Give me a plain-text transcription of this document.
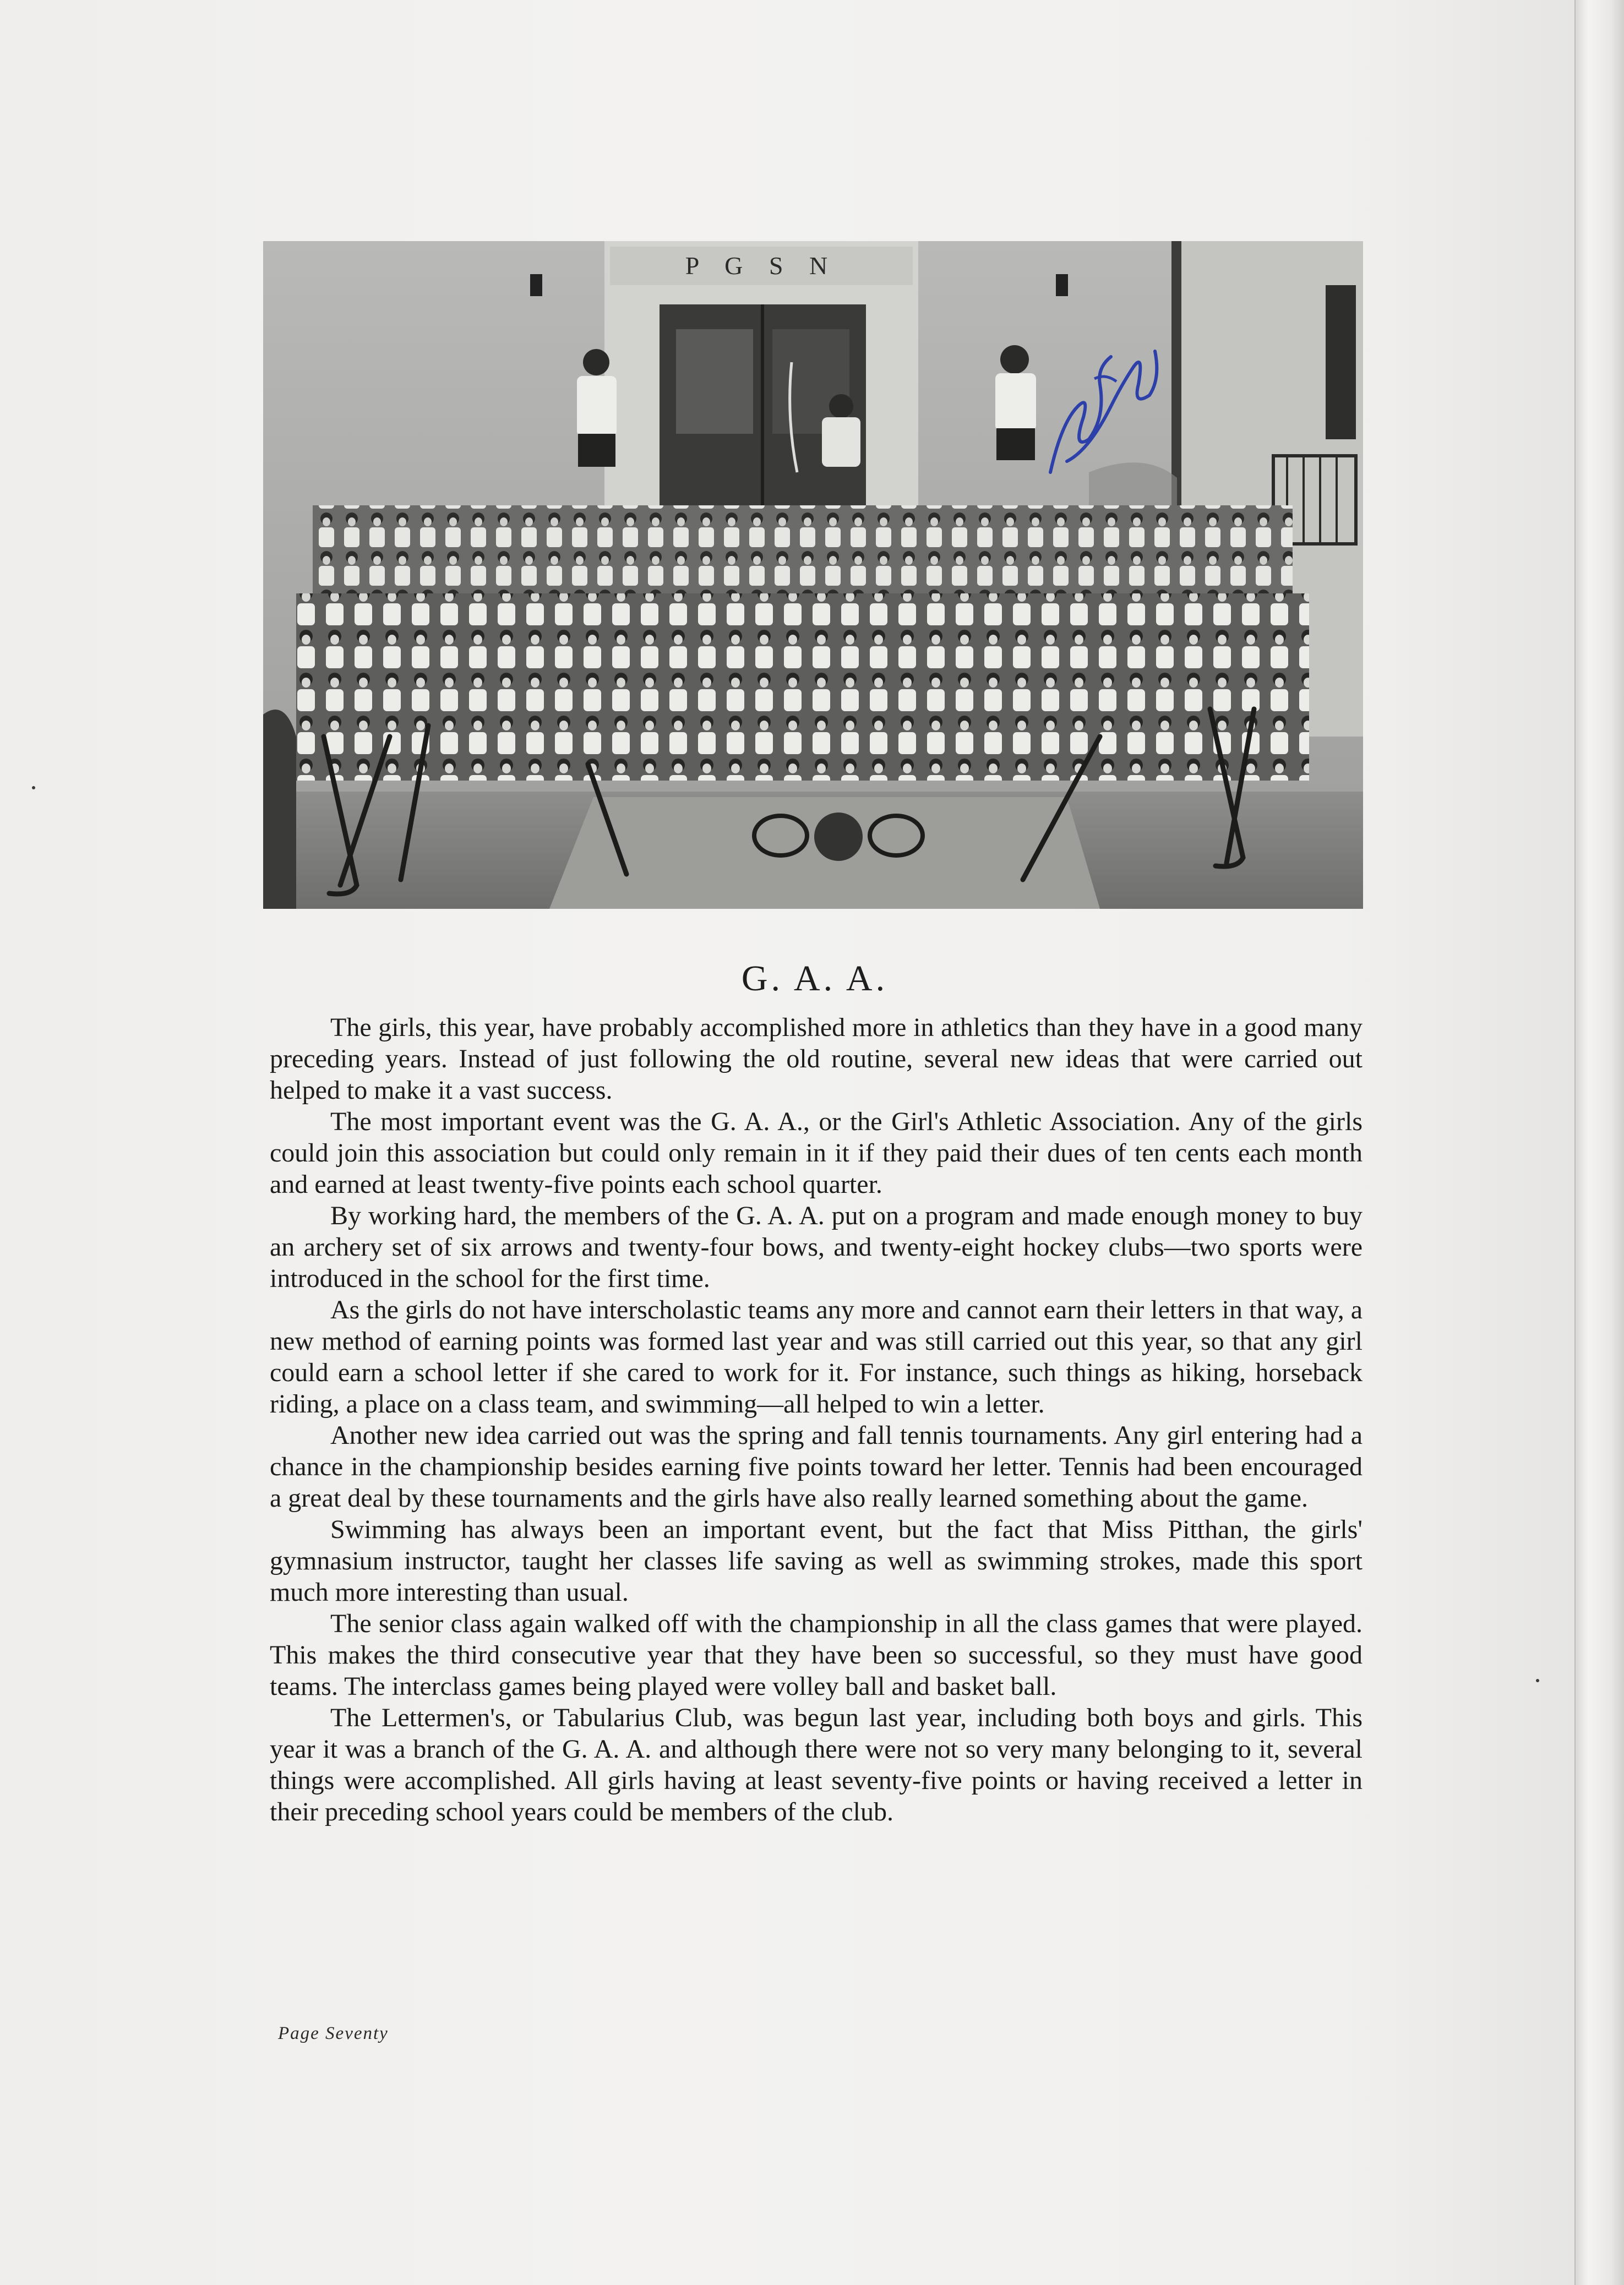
P G S N
G. A. A.

The girls, this year, have probably accomplished more in athletics than they have in a good many preceding years. Instead of just following the old routine, several new ideas that were carried out helped to make it a vast success.

The most important event was the G. A. A., or the Girl's Athletic Association. Any of the girls could join this association but could only remain in it if they paid their dues of ten cents each month and earned at least twenty-five points each school quarter.

By working hard, the members of the G. A. A. put on a program and made enough money to buy an archery set of six arrows and twenty-four bows, and twenty-eight hockey clubs—two sports were introduced in the school for the first time.

As the girls do not have interscholastic teams any more and cannot earn their letters in that way, a new method of earning points was formed last year and was still carried out this year, so that any girl could earn a school letter if she cared to work for it. For instance, such things as hiking, horseback riding, a place on a class team, and swimming—all helped to win a letter.

Another new idea carried out was the spring and fall tennis tournaments. Any girl entering had a chance in the championship besides earning five points toward her letter. Tennis had been encouraged a great deal by these tournaments and the girls have also really learned something about the game.

Swimming has always been an important event, but the fact that Miss Pitthan, the girls' gymnasium instructor, taught her classes life saving as well as swimming strokes, made this sport much more interesting than usual.

The senior class again walked off with the championship in all the class games that were played. This makes the third consecutive year that they have been so successful, so they must have good teams. The interclass games being played were volley ball and basket ball.

The Lettermen's, or Tabularius Club, was begun last year, including both boys and girls. This year it was a branch of the G. A. A. and although there were not so very many belonging to it, several things were accomplished. All girls having at least seventy-five points or having received a letter in their preceding school years could be members of the club.

Page Seventy
